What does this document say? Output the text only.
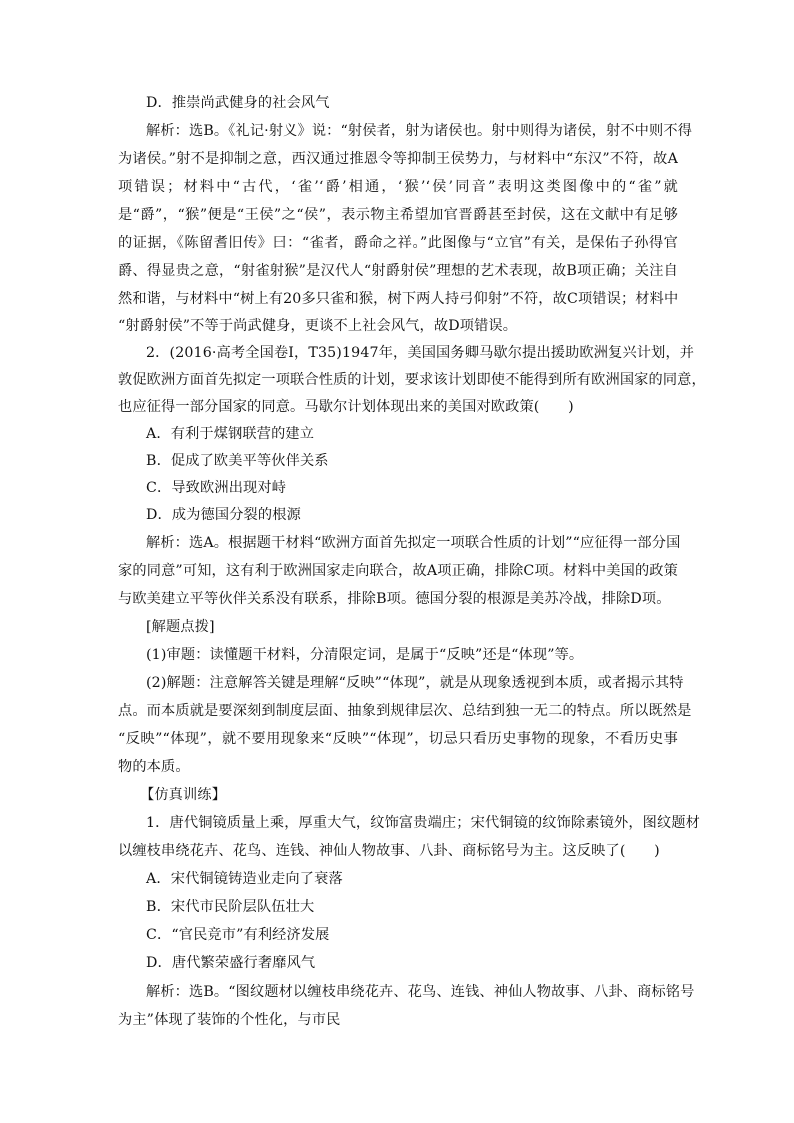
D．推崇尚武健身的社会风气
解析：选B。《礼记·射义》说：“射侯者，射为诸侯也。射中则得为诸侯，射不中则不得
为诸侯。”射不是抑制之意，西汉通过推恩令等抑制王侯势力，与材料中“东汉”不符，故A
项错误；材料中“古代，‘雀’‘爵’相通，‘猴’‘侯’同音”表明这类图像中的“雀”就
是“爵”，“猴”便是“王侯”之“侯”，表示物主希望加官晋爵甚至封侯，这在文献中有足够
的证据，《陈留耆旧传》曰：“雀者，爵命之祥。”此图像与“立官”有关，是保佑子孙得官
爵、得显贵之意，“射雀射猴”是汉代人“射爵射侯”理想的艺术表现，故B项正确；关注自
然和谐，与材料中“树上有20多只雀和猴，树下两人持弓仰射”不符，故C项错误；材料中
“射爵射侯”不等于尚武健身，更谈不上社会风气，故D项错误。
2．(2016·高考全国卷Ⅰ，T35)1947年，美国国务卿马歇尔提出援助欧洲复兴计划，并
敦促欧洲方面首先拟定一项联合性质的计划，要求该计划即使不能得到所有欧洲国家的同意，
也应征得一部分国家的同意。马歇尔计划体现出来的美国对欧政策(　　)
A．有利于煤钢联营的建立
B．促成了欧美平等伙伴关系
C．导致欧洲出现对峙
D．成为德国分裂的根源
解析：选A。根据题干材料“欧洲方面首先拟定一项联合性质的计划”“应征得一部分国
家的同意”可知，这有利于欧洲国家走向联合，故A项正确，排除C项。材料中美国的政策
与欧美建立平等伙伴关系没有联系，排除B项。德国分裂的根源是美苏冷战，排除D项。
[解题点拨]
(1)审题：读懂题干材料，分清限定词，是属于“反映”还是“体现”等。
(2)解题：注意解答关键是理解“反映”“体现”，就是从现象透视到本质，或者揭示其特
点。而本质就是要深刻到制度层面、抽象到规律层次、总结到独一无二的特点。所以既然是
“反映”“体现”，就不要用现象来“反映”“体现”，切忌只看历史事物的现象，不看历史事
物的本质。
【仿真训练】
1．唐代铜镜质量上乘，厚重大气，纹饰富贵端庄；宋代铜镜的纹饰除素镜外，图纹题材
以缠枝串绕花卉、花鸟、连钱、神仙人物故事、八卦、商标铭号为主。这反映了(　　)
A．宋代铜镜铸造业走向了衰落
B．宋代市民阶层队伍壮大
C．“官民竞市”有利经济发展
D．唐代繁荣盛行奢靡风气
解析：选B。“图纹题材以缠枝串绕花卉、花鸟、连钱、神仙人物故事、八卦、商标铭号
为主”体现了装饰的个性化，与市民
